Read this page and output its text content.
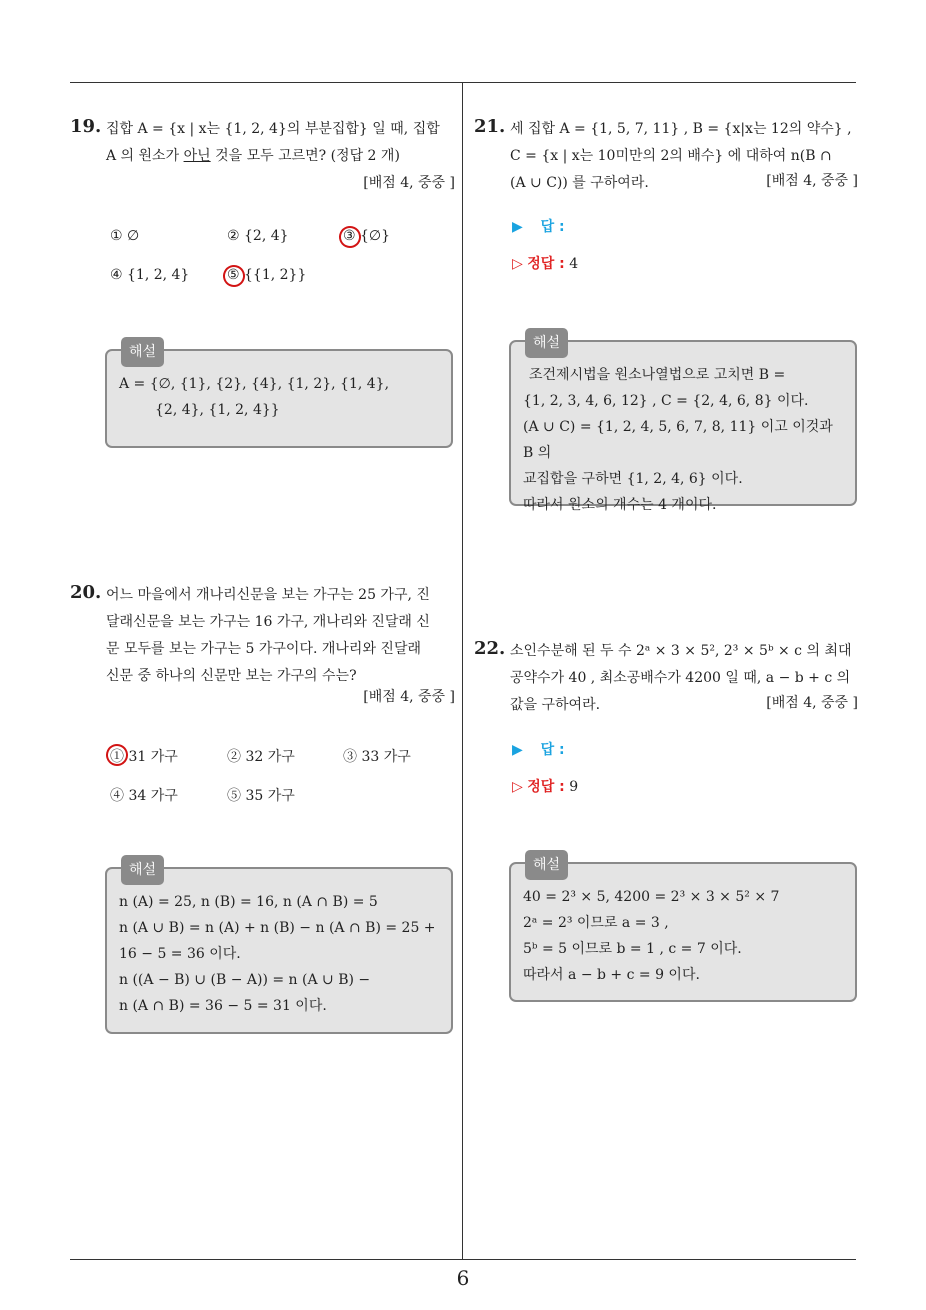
19. 집합 A = {x | x는 {1, 2, 4}의 부분집합} 일 때, 집합

A 의 원소가 아닌 것을 모두 고르면? (정답 2 개)

[배점 4, 중중 ]
① ∅	② {2, 4}	③ {∅}
④ {1, 2, 4}	⑤ {{1, 2}}
해설

A = {∅, {1}, {2}, {4}, {1, 2}, {1, 4},

{2, 4}, {1, 2, 4}}

20. 어느 마을에서 개나리신문을 보는 가구는 25 가구, 진

달래신문을 보는 가구는 16 가구, 개나리와 진달래 신

문 모두를 보는 가구는 5 가구이다. 개나리와 진달래

신문 중 하나의 신문만 보는 가구의 수는?

[배점 4, 중중 ]
① 31 가구	② 32 가구	③ 33 가구
④ 34 가구	⑤ 35 가구
해설

n (A) = 25, n (B) = 16, n (A ∩ B) = 5

n (A ∪ B) = n (A) + n (B) − n (A ∩ B) = 25 +

16 − 5 = 36 이다.

n ((A − B) ∪ (B − A)) = n (A ∪ B) −

n (A ∩ B) = 36 − 5 = 31 이다.

21. 세 집합 A = {1, 5, 7, 11} , B = {x|x는 12의 약수} ,

C = {x | x는 10미만의 2의 배수} 에 대하여 n(B ∩

(A ∪ C)) 를 구하여라.	[배점 4, 중중 ]
▶ 답 :
▷ 정답 : 4
해설

조건제시법을 원소나열법으로 고치면 B =

{1, 2, 3, 4, 6, 12} , C = {2, 4, 6, 8} 이다.

(A ∪ C) = {1, 2, 4, 5, 6, 7, 8, 11} 이고 이것과 B 의

교집합을 구하면 {1, 2, 4, 6} 이다.

따라서 원소의 개수는 4 개이다.

22. 소인수분해 된 두 수 2ᵃ × 3 × 5², 2³ × 5ᵇ × c 의 최대

공약수가 40 , 최소공배수가 4200 일 때, a − b + c 의

값을 구하여라.	[배점 4, 중중 ]
▶ 답 :
▷ 정답 : 9
해설

40 = 2³ × 5, 4200 = 2³ × 3 × 5² × 7

2ᵃ = 2³ 이므로 a = 3 ,

5ᵇ = 5 이므로 b = 1 , c = 7 이다.

따라서 a − b + c = 9 이다.

6
